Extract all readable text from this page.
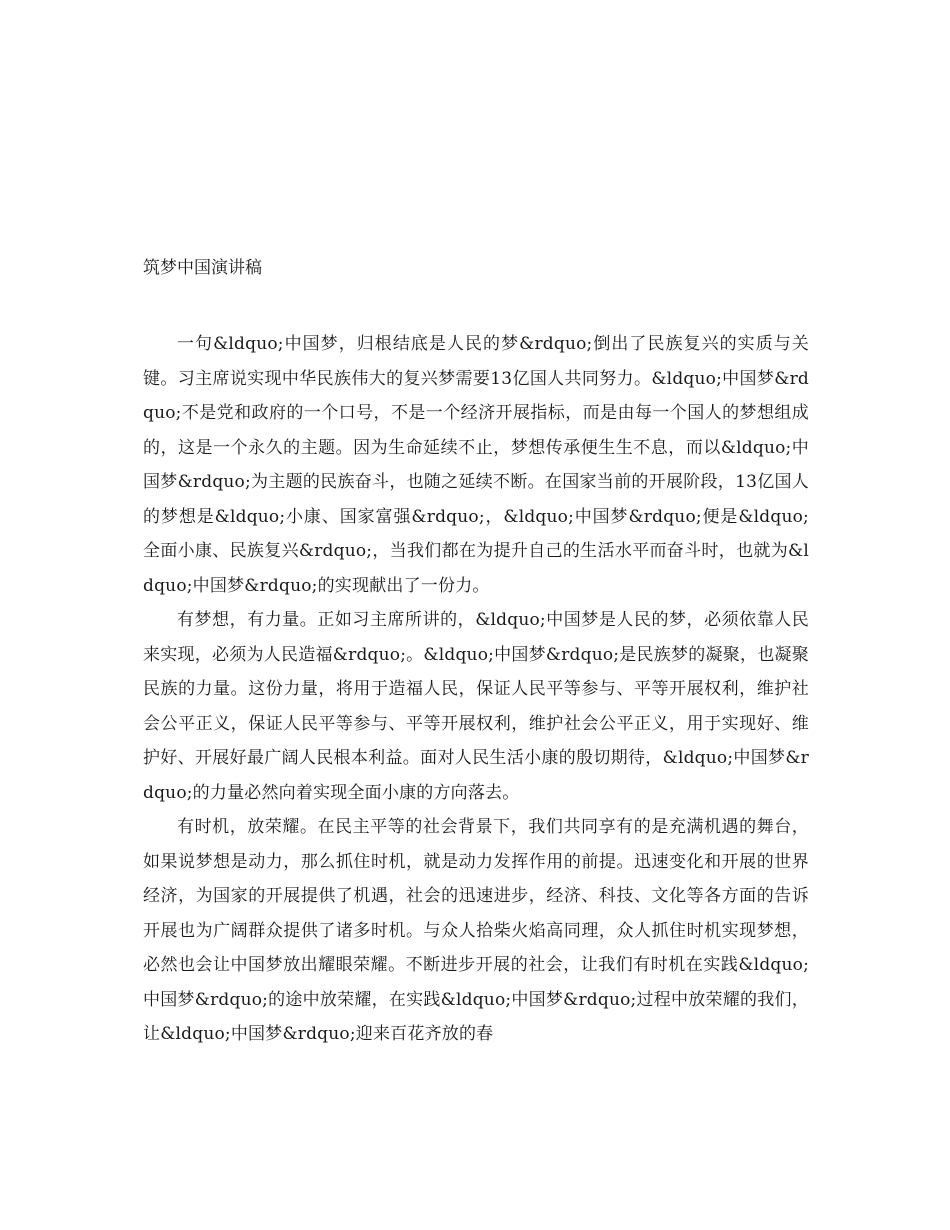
筑梦中国演讲稿

一句&ldquo;中国梦，归根结底是人民的梦&rdquo;倒出了民族复兴的实质与关键。习主席说实现中华民族伟大的复兴梦需要13亿国人共同努力。&ldquo;中国梦&rdquo;不是党和政府的一个口号，不是一个经济开展指标，而是由每一个国人的梦想组成的，这是一个永久的主题。因为生命延续不止，梦想传承便生生不息，而以&ldquo;中国梦&rdquo;为主题的民族奋斗，也随之延续不断。在国家当前的开展阶段，13亿国人的梦想是&ldquo;小康、国家富强&rdquo;，&ldquo;中国梦&rdquo;便是&ldquo;全面小康、民族复兴&rdquo;，当我们都在为提升自己的生活水平而奋斗时，也就为&ldquo;中国梦&rdquo;的实现献出了一份力。

有梦想，有力量。正如习主席所讲的，&ldquo;中国梦是人民的梦，必须依靠人民来实现，必须为人民造福&rdquo;。&ldquo;中国梦&rdquo;是民族梦的凝聚，也凝聚民族的力量。这份力量，将用于造福人民，保证人民平等参与、平等开展权利，维护社会公平正义，保证人民平等参与、平等开展权利，维护社会公平正义，用于实现好、维护好、开展好最广阔人民根本利益。面对人民生活小康的殷切期待，&ldquo;中国梦&rdquo;的力量必然向着实现全面小康的方向落去。

有时机，放荣耀。在民主平等的社会背景下，我们共同享有的是充满机遇的舞台，如果说梦想是动力，那么抓住时机，就是动力发挥作用的前提。迅速变化和开展的世界经济，为国家的开展提供了机遇，社会的迅速进步，经济、科技、文化等各方面的告诉开展也为广阔群众提供了诸多时机。与众人拾柴火焰高同理，众人抓住时机实现梦想，必然也会让中国梦放出耀眼荣耀。不断进步开展的社会，让我们有时机在实践&ldquo;中国梦&rdquo;的途中放荣耀，在实践&ldquo;中国梦&rdquo;过程中放荣耀的我们，让&ldquo;中国梦&rdquo;迎来百花齐放的春
